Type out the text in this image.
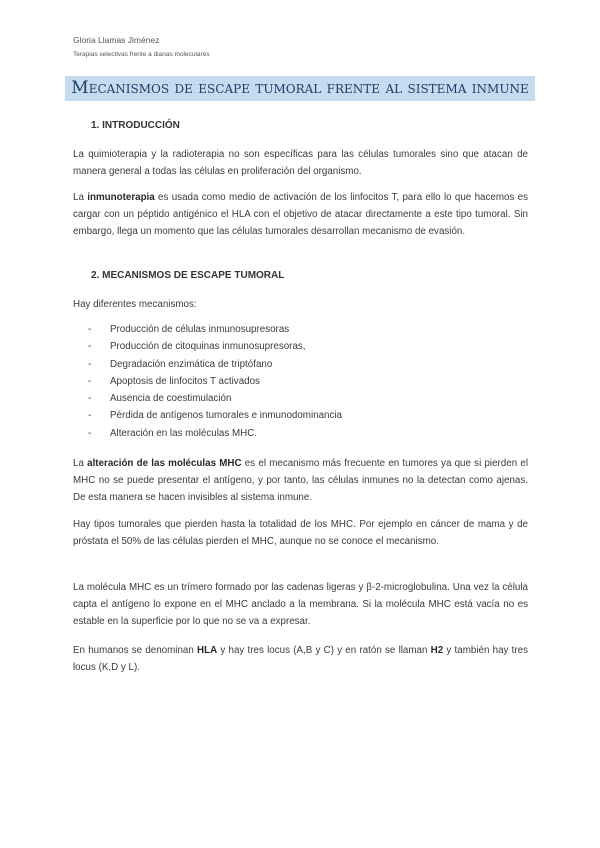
Gloria Llamas Jiménez
Terapias selectivas frente a dianas moleculares
Mecanismos de escape tumoral frente al sistema inmune
1. INTRODUCCIÓN

La quimioterapia y la radioterapia no son específicas para las células tumorales sino que atacan de manera general a todas las células en proliferación del organismo.

La inmunoterapia es usada como medio de activación de los linfocitos T, para ello lo que hacemos es cargar con un péptido antigénico el HLA con el objetivo de atacar directamente a este tipo tumoral. Sin embargo, llega un momento que las células tumorales desarrollan mecanismo de evasión.

2. MECANISMOS DE ESCAPE TUMORAL

Hay diferentes mecanismos:

- Producción de células inmunosupresoras
- Producción de citoquinas inmunosupresoras,
- Degradación enzimática de triptófano
- Apoptosis de linfocitos T activados
- Ausencia de coestimulación
- Pérdida de antígenos tumorales e inmunodominancia
- Alteración en las moléculas MHC.

La alteración de las moléculas MHC es el mecanismo más frecuente en tumores ya que si pierden el MHC no se puede presentar el antígeno, y por tanto, las células inmunes no la detectan como ajenas. De esta manera se hacen invisibles al sistema inmune.

Hay tipos tumorales que pierden hasta la totalidad de los MHC. Por ejemplo en cáncer de mama y de próstata el 50% de las células pierden el MHC, aunque no se conoce el mecanismo.

La molécula MHC es un trímero formado por las cadenas ligeras y β-2-microglobulina. Una vez la célula capta el antígeno lo expone en el MHC anclado a la membrana. Si la molécula MHC está vacía no es estable en la superficie por lo que no se va a expresar.

En humanos se denominan HLA y hay tres locus (A,B y C) y en ratón se llaman H2 y también hay tres locus (K,D y L).
